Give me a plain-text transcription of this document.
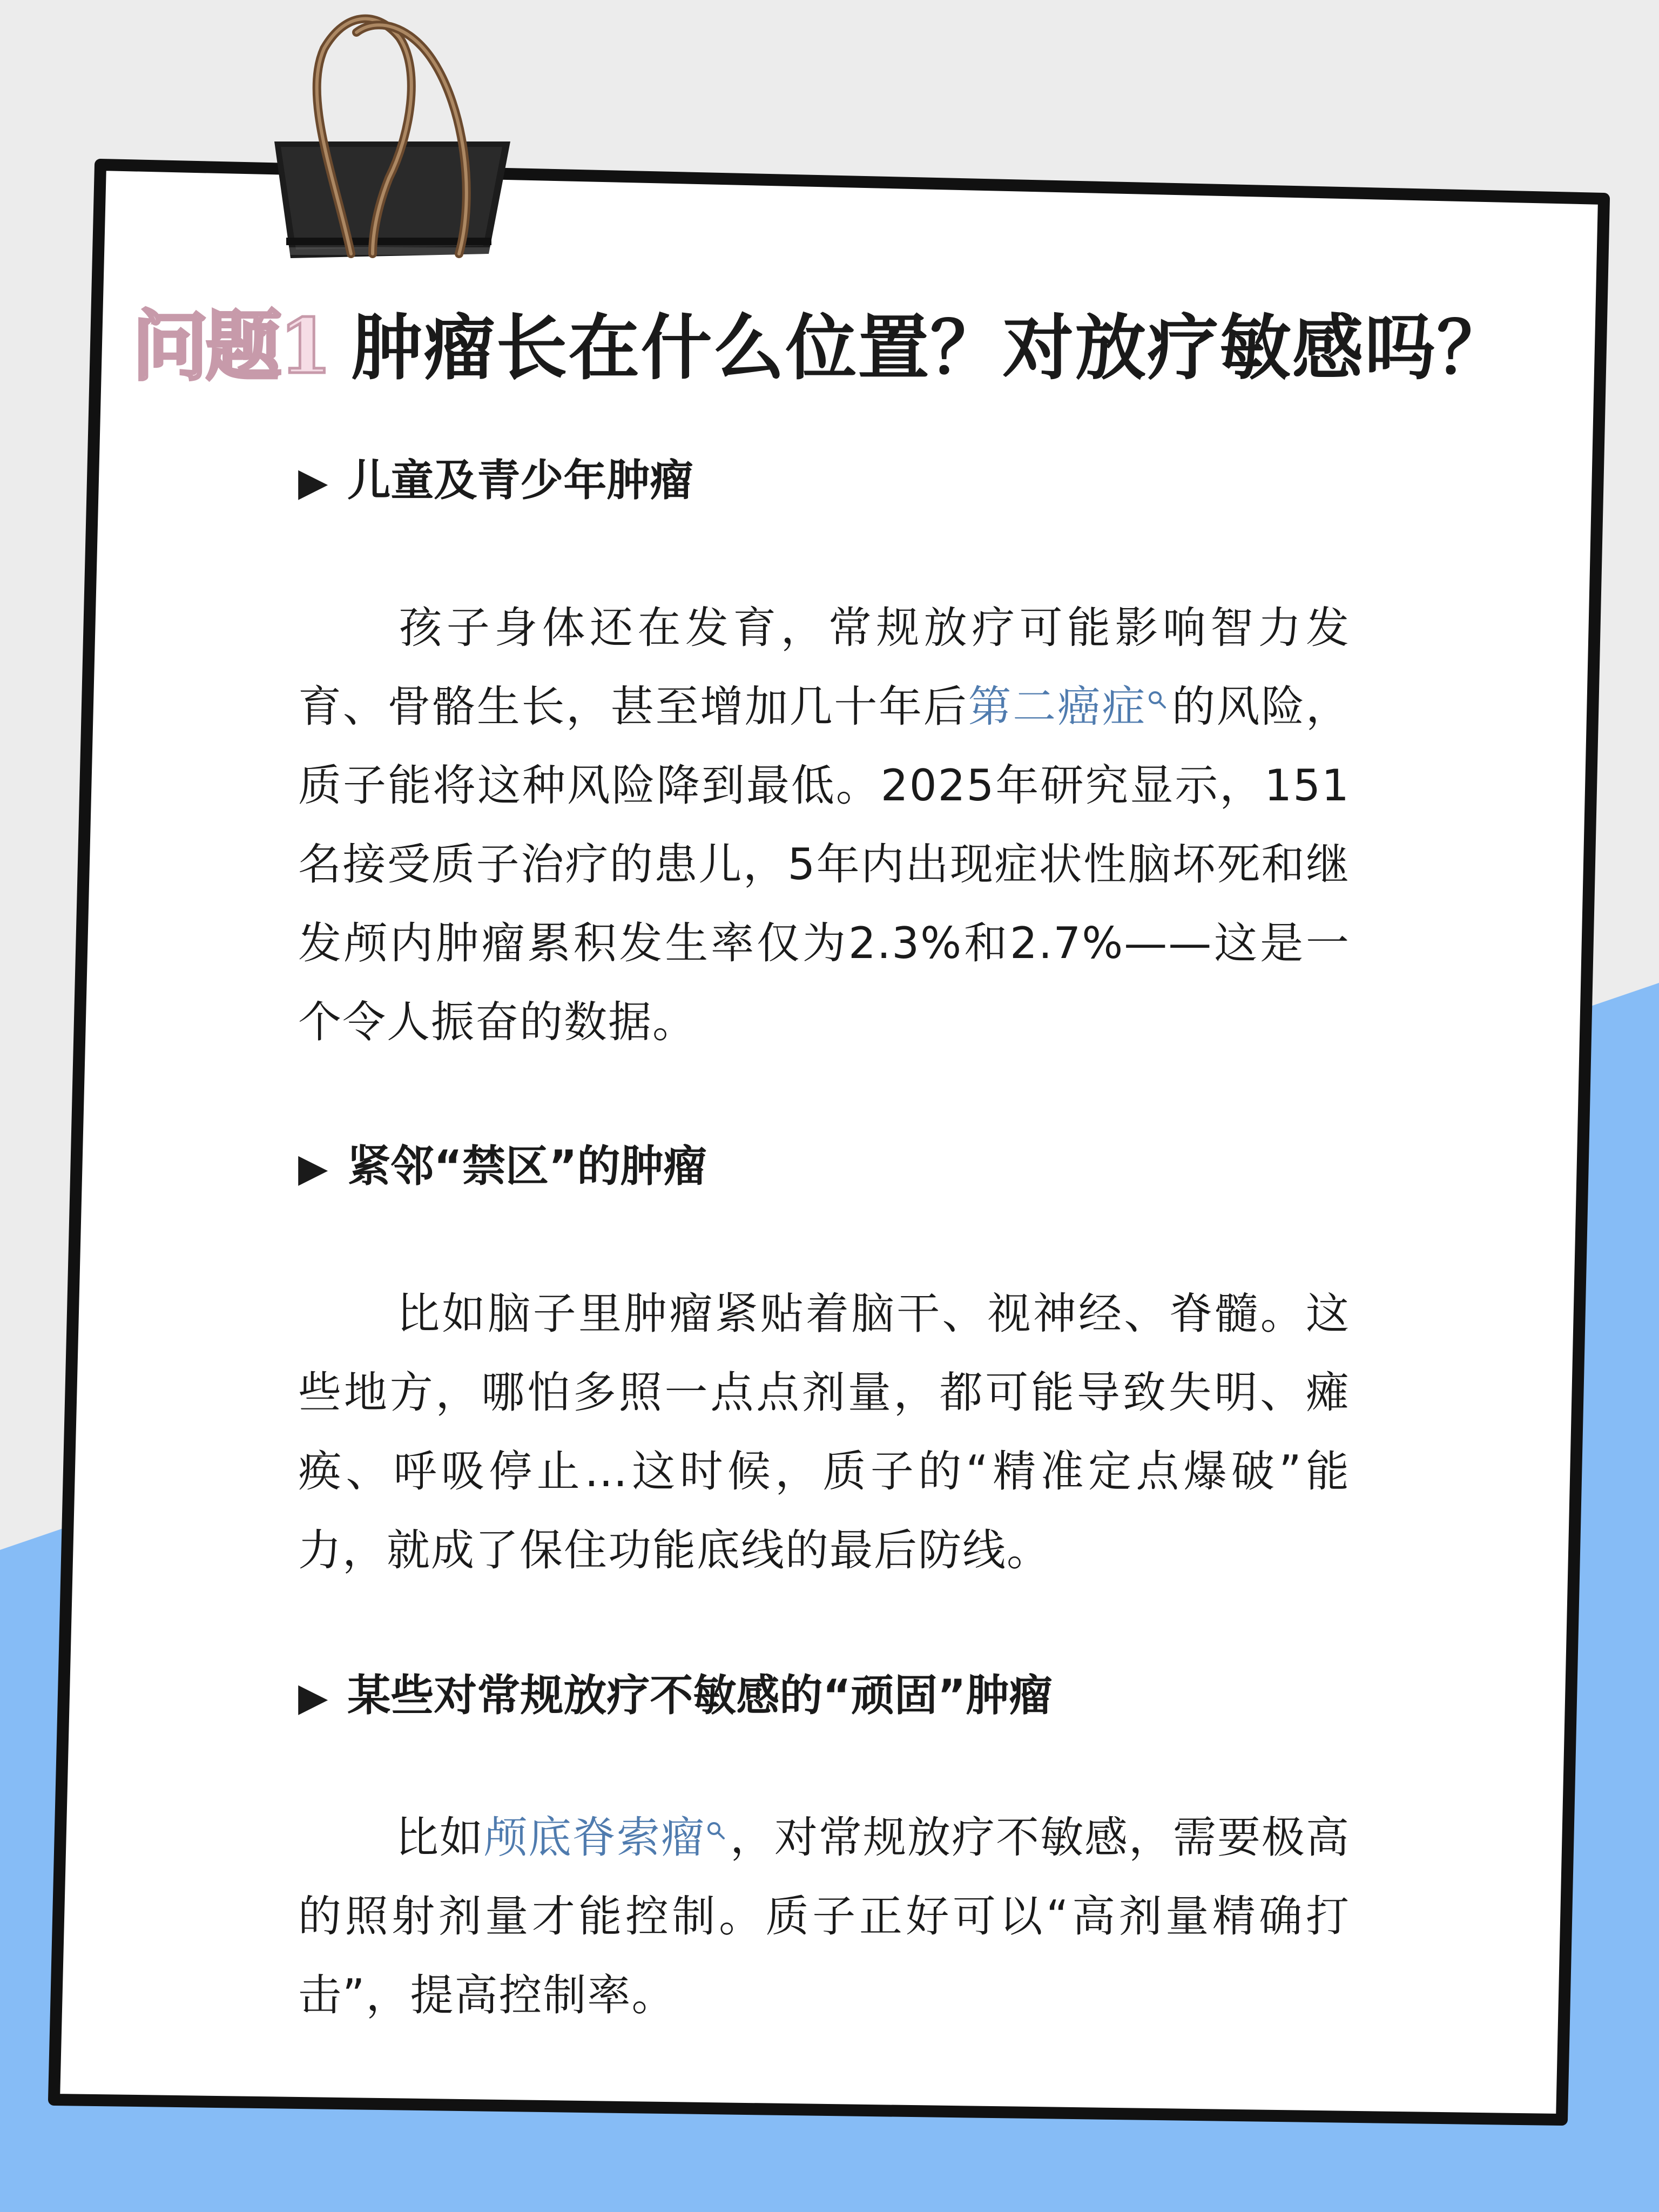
问题1 肿瘤长在什么位置？对放疗敏感吗？
▶ 儿童及青少年肿瘤
孩子身体还在发育，常规放疗可能影响智力发育、骨骼生长，甚至增加几十年后第二癌症 的风险，质子能将这种风险降到最低。2025年研究显示，151名接受质子治疗的患儿，5年内出现症状性脑坏死和继发颅内肿瘤累积发生率仅为2.3%和2.7%——这是一个令人振奋的数据。
▶ 紧邻“禁区”的肿瘤
比如脑子里肿瘤紧贴着脑干、视神经、脊髓。这些地方，哪怕多照一点点剂量，都可能导致失明、瘫痪、呼吸停止…这时候，质子的“精准定点爆破”能力，就成了保住功能底线的最后防线。
▶ 某些对常规放疗不敏感的“顽固”肿瘤
比如颅底脊索瘤 ，对常规放疗不敏感，需要极高的照射剂量才能控制。质子正好可以“高剂量精确打击”，提高控制率。
